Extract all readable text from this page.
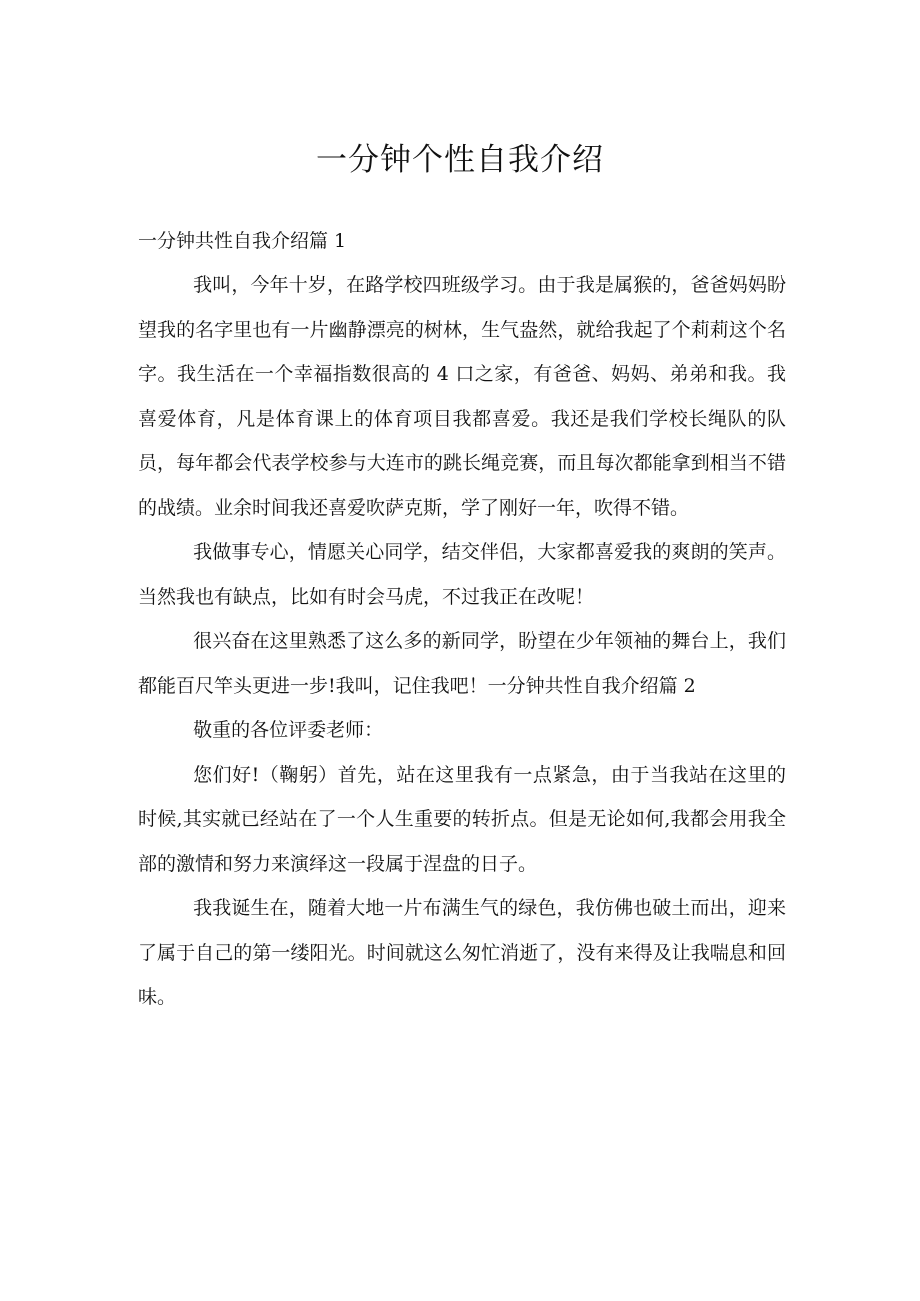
一分钟个性自我介绍

一分钟共性自我介绍篇 1

我叫，今年十岁，在路学校四班级学习。由于我是属猴的，爸爸妈妈盼望我的名字里也有一片幽静漂亮的树林，生气盎然，就给我起了个莉莉这个名字。我生活在一个幸福指数很高的 4 口之家，有爸爸、妈妈、弟弟和我。我喜爱体育，凡是体育课上的体育项目我都喜爱。我还是我们学校长绳队的队员，每年都会代表学校参与大连市的跳长绳竞赛，而且每次都能拿到相当不错的战绩。业余时间我还喜爱吹萨克斯，学了刚好一年，吹得不错。

我做事专心，情愿关心同学，结交伴侣，大家都喜爱我的爽朗的笑声。当然我也有缺点，比如有时会马虎，不过我正在改呢！

很兴奋在这里熟悉了这么多的新同学，盼望在少年领袖的舞台上，我们都能百尺竿头更进一步!我叫，记住我吧！一分钟共性自我介绍篇 2

敬重的各位评委老师：

您们好!（鞠躬）首先，站在这里我有一点紧急，由于当我站在这里的时候,其实就已经站在了一个人生重要的转折点。但是无论如何,我都会用我全部的激情和努力来演绎这一段属于涅盘的日子。

我我诞生在，随着大地一片布满生气的绿色，我仿佛也破土而出，迎来了属于自己的第一缕阳光。时间就这么匆忙消逝了，没有来得及让我喘息和回味。
